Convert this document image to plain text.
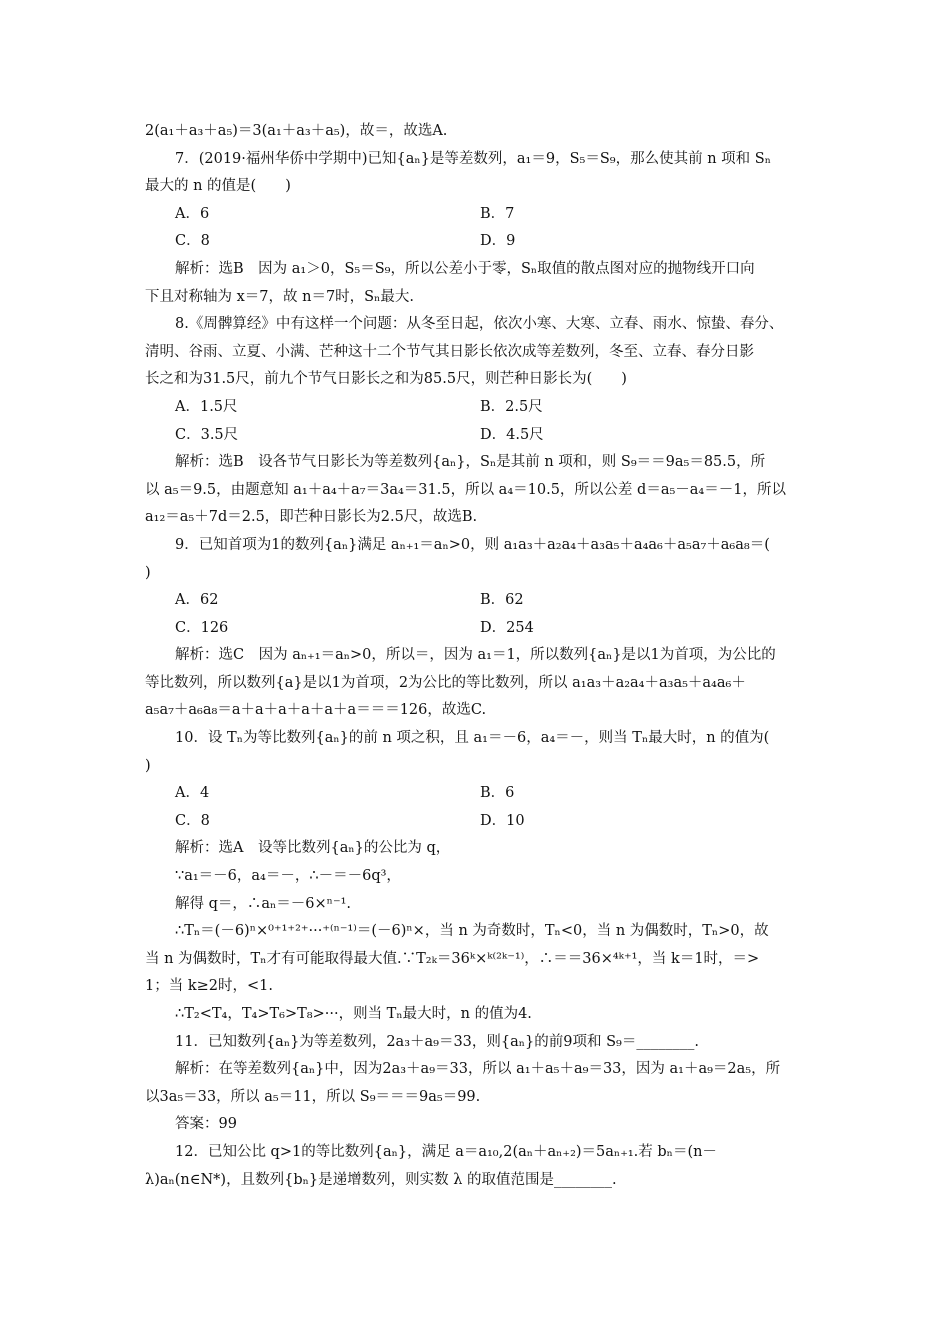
2(a₁＋a₃＋a₅)＝3(a₁＋a₃＋a₅)，故＝，故选A.
7．(2019·福州华侨中学期中)已知{aₙ}是等差数列，a₁＝9，S₅＝S₉，那么使其前 n 项和 Sₙ
最大的 n 的值是(　　)
A．6	B．7
C．8	D．9
解析：选B　因为 a₁＞0，S₅＝S₉，所以公差小于零，Sₙ取值的散点图对应的抛物线开口向
下且对称轴为 x＝7，故 n＝7时，Sₙ最大.
8.《周髀算经》中有这样一个问题：从冬至日起，依次小寒、大寒、立春、雨水、惊蛰、春分、
清明、谷雨、立夏、小满、芒种这十二个节气其日影长依次成等差数列，冬至、立春、春分日影
长之和为31.5尺，前九个节气日影长之和为85.5尺，则芒种日影长为(　　)
A．1.5尺	B．2.5尺
C．3.5尺	D．4.5尺
解析：选B　设各节气日影长为等差数列{aₙ}，Sₙ是其前 n 项和，则 S₉＝＝9a₅＝85.5，所
以 a₅＝9.5，由题意知 a₁＋a₄＋a₇＝3a₄＝31.5，所以 a₄＝10.5，所以公差 d＝a₅－a₄＝－1，所以
a₁₂＝a₅＋7d＝2.5，即芒种日影长为2.5尺，故选B.
9．已知首项为1的数列{aₙ}满足 aₙ₊₁＝aₙ>0，则 a₁a₃＋a₂a₄＋a₃a₅＋a₄a₆＋a₅a₇＋a₆a₈＝(
)
A．62	B．62
C．126	D．254
解析：选C　因为 aₙ₊₁＝aₙ>0，所以＝，因为 a₁＝1，所以数列{aₙ}是以1为首项，为公比的
等比数列，所以数列{a}是以1为首项，2为公比的等比数列，所以 a₁a₃＋a₂a₄＋a₃a₅＋a₄a₆＋
a₅a₇＋a₆a₈＝a＋a＋a＋a＋a＋a＝＝＝126，故选C.
10．设 Tₙ为等比数列{aₙ}的前 n 项之积，且 a₁＝－6，a₄＝－，则当 Tₙ最大时，n 的值为(
)
A．4	B．6
C．8	D．10
解析：选A　设等比数列{aₙ}的公比为 q，
∵a₁＝－6，a₄＝－，∴－＝－6q³，
解得 q＝，∴aₙ＝－6×ⁿ⁻¹.
∴Tₙ＝(－6)ⁿ×⁰⁺¹⁺²⁺···⁺⁽ⁿ⁻¹⁾＝(－6)ⁿ×，当 n 为奇数时，Tₙ<0，当 n 为偶数时，Tₙ>0，故
当 n 为偶数时，Tₙ才有可能取得最大值.∵T₂ₖ＝36ᵏ×ᵏ⁽²ᵏ⁻¹⁾，∴＝＝36×⁴ᵏ⁺¹，当 k＝1时，＝>
1；当 k≥2时，<1.
∴T₂<T₄，T₄>T₆>T₈>···，则当 Tₙ最大时，n 的值为4.
11．已知数列{aₙ}为等差数列，2a₃＋a₉＝33，则{aₙ}的前9项和 S₉＝________.
解析：在等差数列{aₙ}中，因为2a₃＋a₉＝33，所以 a₁＋a₅＋a₉＝33，因为 a₁＋a₉＝2a₅，所
以3a₅＝33，所以 a₅＝11，所以 S₉＝＝＝9a₅＝99.
答案：99
12．已知公比 q>1的等比数列{aₙ}，满足 a＝a₁₀,2(aₙ＋aₙ₊₂)＝5aₙ₊₁.若 bₙ＝(n－
λ)aₙ(n∈N*)，且数列{bₙ}是递增数列，则实数 λ 的取值范围是________.
